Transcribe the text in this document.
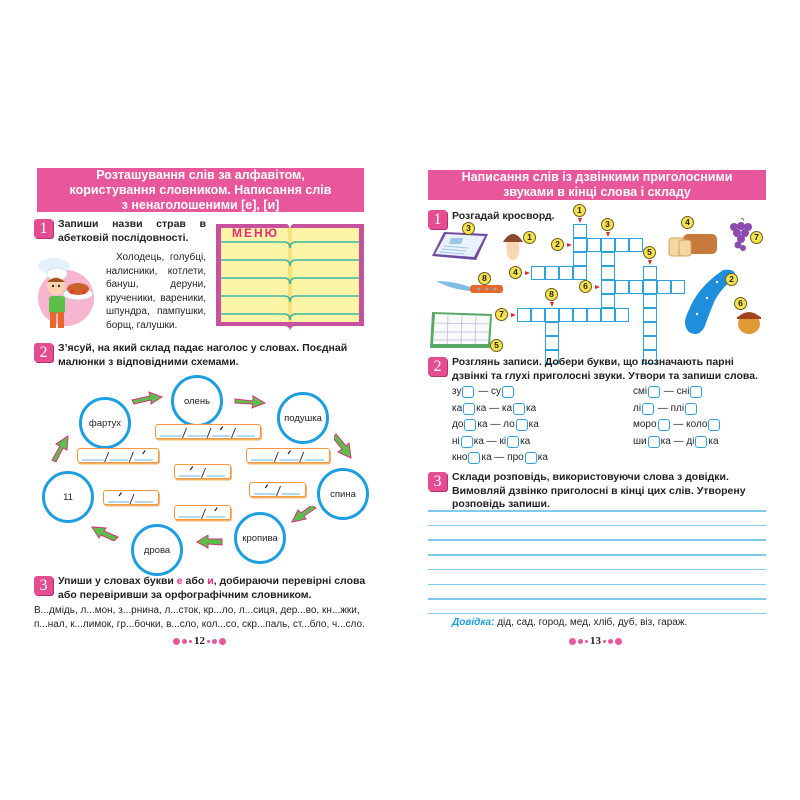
Розташування слів за алфавітом,
користування словником. Написання слів
з ненаголошеними [е], [и]
1	Запиши назви страв в абетковій послідовності.
Холодець, голубці, налисники, котлети, бануш, деруни, крученики, вареники, шпундра, пампушки, борщ, галушки.
МЕНЮ
2	З’ясуй, на який склад падає наголос у словах. Поєднай малюнки з відповідними схемами.
фартух
олень
подушка
спина
кропива
дрова
11
3	Упиши у словах букви е або и, добираючи перевірні слова або перевіривши за орфографічним словником.
В...дмідь, л...мон, з...рнина, л...сток, кр...ло, л...сиця, дер...во, кн...жки, п...нал, к...лимок, гр...бочки, в...сло, кол...со, скр...паль, ст...бло, ч...сло.
12
Написання слів із дзвінкими приголосними
звуками в кінці слова і складу
1	Розгадай кросворд.	1
2
3
4
5
6
7
8
3
1
8
5
4
7
2
6
2	Розглянь записи. Добери букви, що позначають парні дзвінкі та глухі приголосні звуки. Утвори та запиши слова.
зу — су
ка ка — ка ка
до ка — ло ка
ні ка — кі ка
кно ка — про ка
смі — сні
лі — плі
моро — коло
ши ка — ді ка
3	Склади розповідь, використовуючи слова з довідки. Вимовляй дзвінко приголосні в кінці цих слів. Утворену розповідь запиши.
Довідка: дід, сад, город, мед, хліб, дуб, віз, гараж.
13
